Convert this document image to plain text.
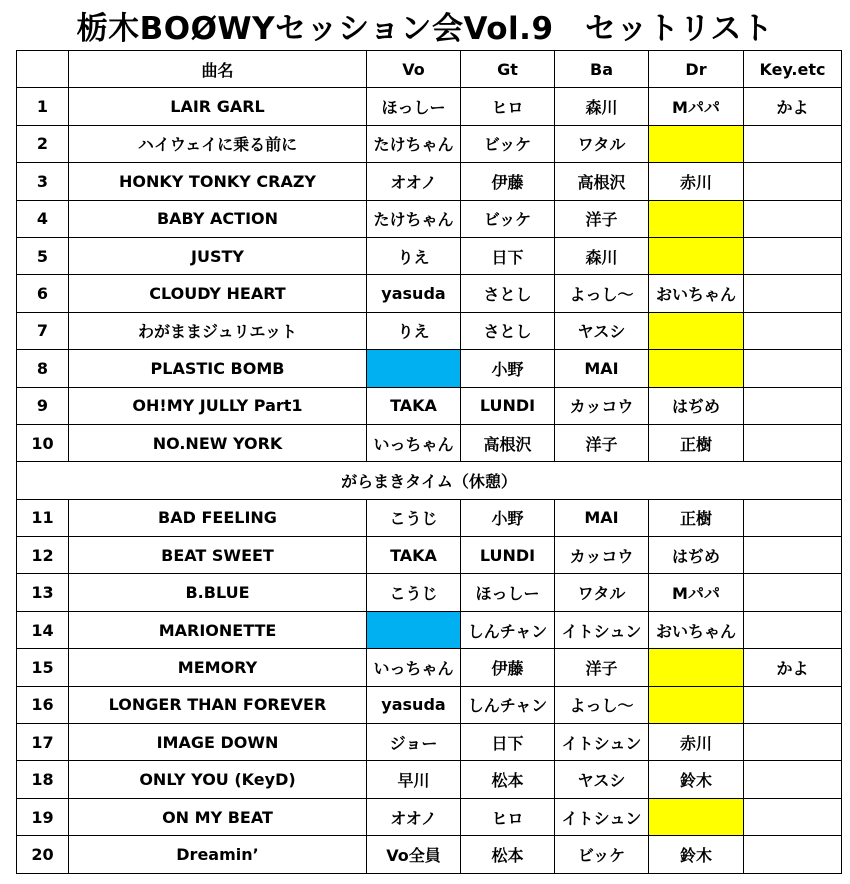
栃木BOØWYセッション会Vol.9　セットリスト
	曲名	Vo	Gt	Ba	Dr	Key.etc
1	LAIR GARL	ほっしー	ヒロ	森川	Mパパ	かよ
2	ハイウェイに乗る前に	たけちゃん	ビッケ	ワタル		
3	HONKY TONKY CRAZY	オオノ	伊藤	高根沢	赤川	
4	BABY ACTION	たけちゃん	ビッケ	洋子		
5	JUSTY	りえ	日下	森川		
6	CLOUDY HEART	yasuda	さとし	よっし～	おいちゃん	
7	わがままジュリエット	りえ	さとし	ヤスシ		
8	PLASTIC BOMB		小野	MAI		
9	OH!MY JULLY Part1	TAKA	LUNDI	カッコウ	はぢめ	
10	NO.NEW YORK	いっちゃん	高根沢	洋子	正樹	
がらまきタイム（休憩）						
11	BAD FEELING	こうじ	小野	MAI	正樹	
12	BEAT SWEET	TAKA	LUNDI	カッコウ	はぢめ	
13	B.BLUE	こうじ	ほっしー	ワタル	Mパパ	
14	MARIONETTE		しんチャン	イトシュン	おいちゃん	
15	MEMORY	いっちゃん	伊藤	洋子		かよ
16	LONGER THAN FOREVER	yasuda	しんチャン	よっし～		
17	IMAGE DOWN	ジョー	日下	イトシュン	赤川	
18	ONLY YOU (KeyD)	早川	松本	ヤスシ	鈴木	
19	ON MY BEAT	オオノ	ヒロ	イトシュン		
20	Dreamin’	Vo全員	松本	ビッケ	鈴木	
